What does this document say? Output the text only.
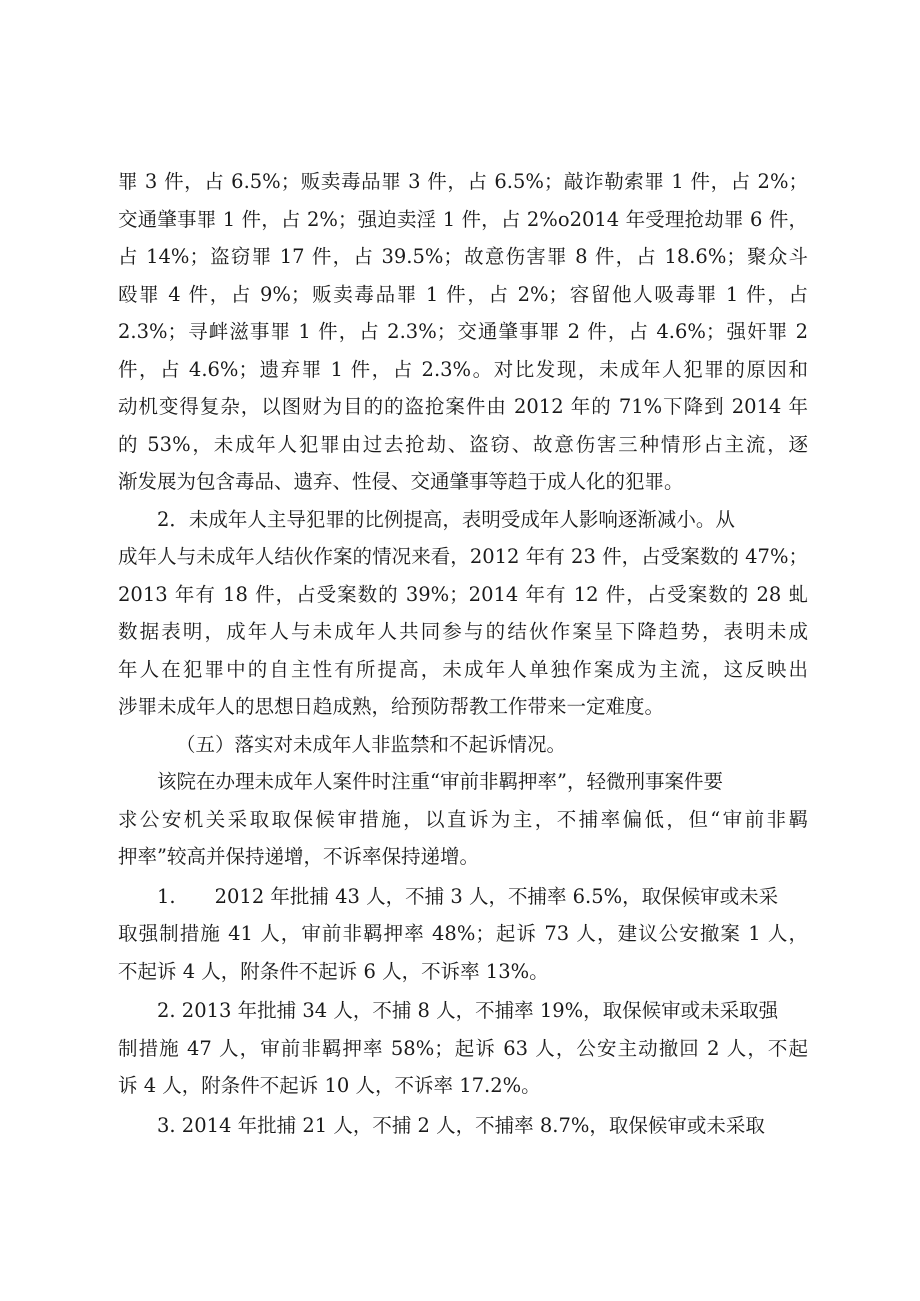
罪 3 件，占 6.5%；贩卖毒品罪 3 件，占 6.5%；敲诈勒索罪 1 件，占 2%；
交通肇事罪 1 件，占 2%；强迫卖淫 1 件，占 2%o2014 年受理抢劫罪 6 件，
占 14%；盗窃罪 17 件，占 39.5%；故意伤害罪 8 件，占 18.6%；聚众斗
殴罪 4 件，占 9%；贩卖毒品罪 1 件，占 2%；容留他人吸毒罪 1 件，占
2.3%；寻衅滋事罪 1 件，占 2.3%；交通肇事罪 2 件，占 4.6%；强奸罪 2
件，占 4.6%；遗弃罪 1 件，占 2.3%。对比发现，未成年人犯罪的原因和
动机变得复杂，以图财为目的的盗抢案件由 2012 年的 71%下降到 2014 年
的 53%，未成年人犯罪由过去抢劫、盗窃、故意伤害三种情形占主流，逐
渐发展为包含毒品、遗弃、性侵、交通肇事等趋于成人化的犯罪。
2．未成年人主导犯罪的比例提高，表明受成年人影响逐渐减小。从
成年人与未成年人结伙作案的情况来看，2012 年有 23 件，占受案数的 47%；
2013 年有 18 件，占受案数的 39%；2014 年有 12 件，占受案数的 28 虬
数据表明，成年人与未成年人共同参与的结伙作案呈下降趋势，表明未成
年人在犯罪中的自主性有所提高，未成年人单独作案成为主流，这反映出
涉罪未成年人的思想日趋成熟，给预防帮教工作带来一定难度。
（五）落实对未成年人非监禁和不起诉情况。
该院在办理未成年人案件时注重“审前非羁押率”，轻微刑事案件要
求公安机关采取取保候审措施，以直诉为主，不捕率偏低，但“审前非羁
押率”较高并保持递增，不诉率保持递增。
1.　　2012 年批捕 43 人，不捕 3 人，不捕率 6.5%，取保候审或未采
取强制措施 41 人，审前非羁押率 48%；起诉 73 人，建议公安撤案 1 人，
不起诉 4 人，附条件不起诉 6 人，不诉率 13%。
2. 2013 年批捕 34 人，不捕 8 人，不捕率 19%，取保候审或未采取强
制措施 47 人，审前非羁押率 58%；起诉 63 人，公安主动撤回 2 人，不起
诉 4 人，附条件不起诉 10 人，不诉率 17.2%。
3. 2014 年批捕 21 人，不捕 2 人，不捕率 8.7%，取保候审或未采取
